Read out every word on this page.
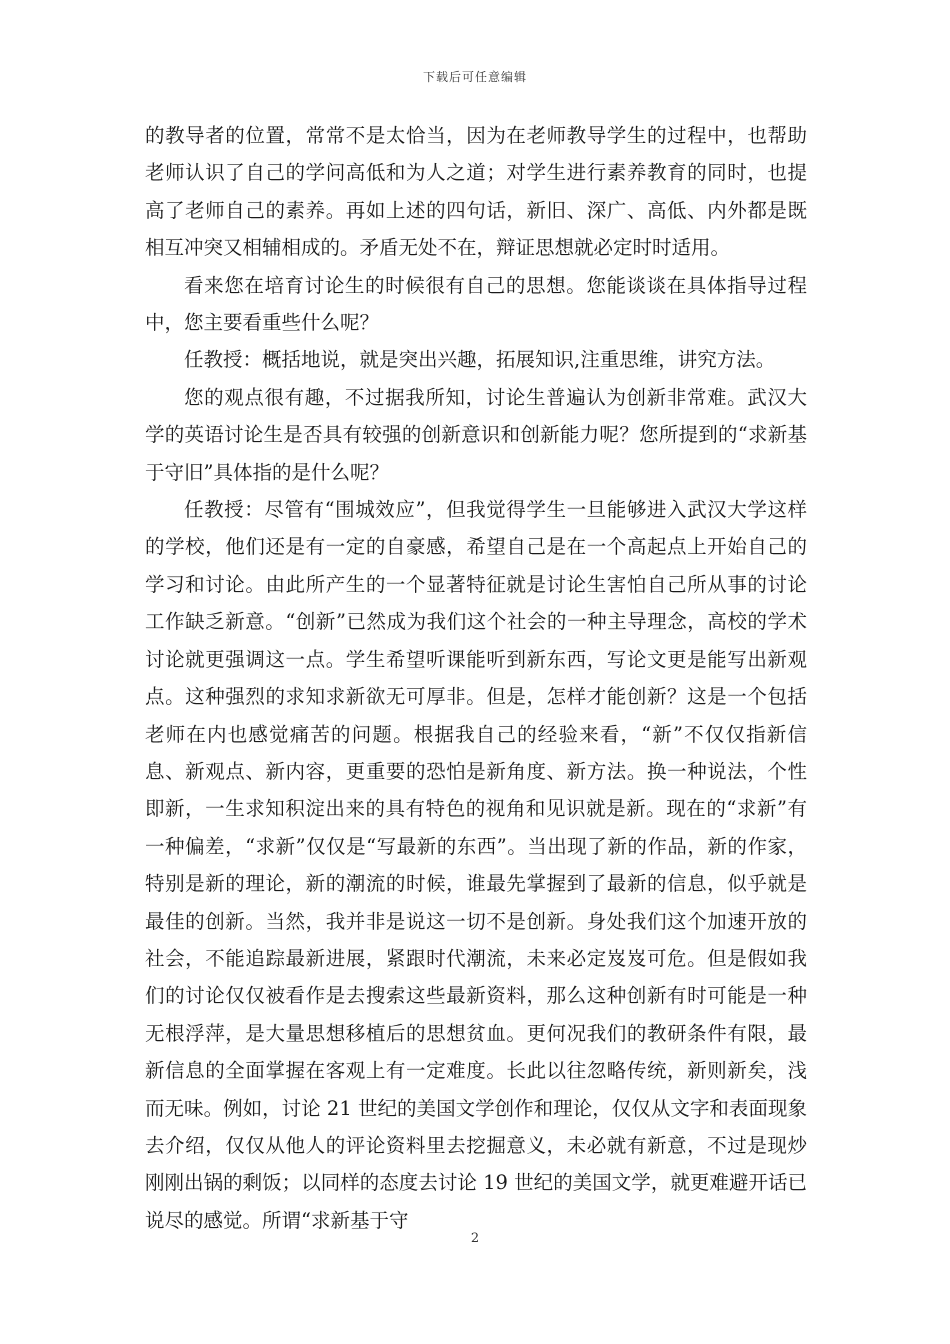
下载后可任意编辑

的教导者的位置，常常不是太恰当，因为在老师教导学生的过程中，也帮助老师认识了自己的学问高低和为人之道；对学生进行素养教育的同时，也提高了老师自己的素养。再如上述的四句话，新旧、深广、高低、内外都是既相互冲突又相辅相成的。矛盾无处不在，辩证思想就必定时时适用。

看来您在培育讨论生的时候很有自己的思想。您能谈谈在具体指导过程中，您主要看重些什么呢？

任教授：概括地说，就是突出兴趣，拓展知识,注重思维，讲究方法。

您的观点很有趣，不过据我所知，讨论生普遍认为创新非常难。武汉大学的英语讨论生是否具有较强的创新意识和创新能力呢？您所提到的“求新基于守旧”具体指的是什么呢？

任教授：尽管有“围城效应”，但我觉得学生一旦能够进入武汉大学这样的学校，他们还是有一定的自豪感，希望自己是在一个高起点上开始自己的学习和讨论。由此所产生的一个显著特征就是讨论生害怕自己所从事的讨论工作缺乏新意。“创新”已然成为我们这个社会的一种主导理念，高校的学术讨论就更强调这一点。学生希望听课能听到新东西，写论文更是能写出新观点。这种强烈的求知求新欲无可厚非。但是，怎样才能创新？这是一个包括老师在内也感觉痛苦的问题。根据我自己的经验来看，“新”不仅仅指新信息、新观点、新内容，更重要的恐怕是新角度、新方法。换一种说法，个性即新，一生求知积淀出来的具有特色的视角和见识就是新。现在的“求新”有一种偏差，“求新”仅仅是“写最新的东西”。当出现了新的作品，新的作家，特别是新的理论，新的潮流的时候，谁最先掌握到了最新的信息，似乎就是最佳的创新。当然，我并非是说这一切不是创新。身处我们这个加速开放的社会，不能追踪最新进展，紧跟时代潮流，未来必定岌岌可危。但是假如我们的讨论仅仅被看作是去搜索这些最新资料，那么这种创新有时可能是一种无根浮萍，是大量思想移植后的思想贫血。更何况我们的教研条件有限，最新信息的全面掌握在客观上有一定难度。长此以往忽略传统，新则新矣，浅而无味。例如，讨论 21 世纪的美国文学创作和理论，仅仅从文字和表面现象去介绍，仅仅从他人的评论资料里去挖掘意义，未必就有新意，不过是现炒刚刚出锅的剩饭；以同样的态度去讨论 19 世纪的美国文学，就更难避开话已说尽的感觉。所谓“求新基于守

2
